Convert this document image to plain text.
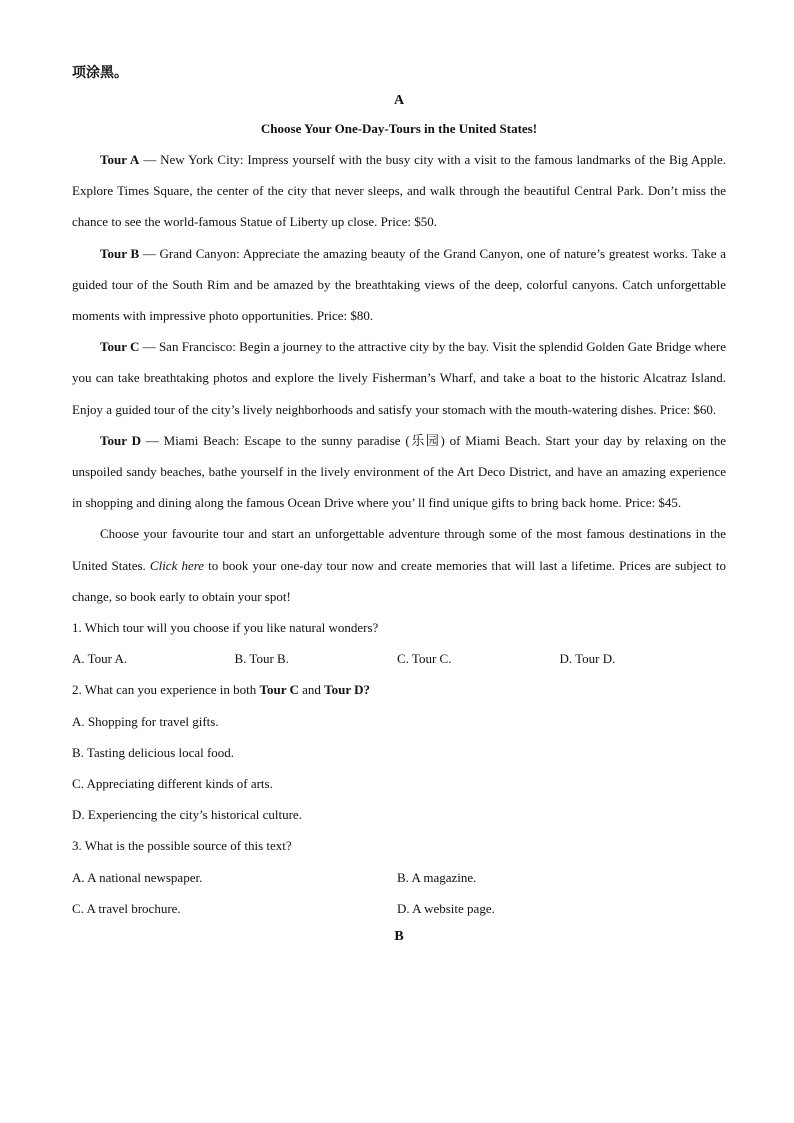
项涂黑。
A
Choose Your One-Day-Tours in the United States!

Tour A — New York City: Impress yourself with the busy city with a visit to the famous landmarks of the Big Apple. Explore Times Square, the center of the city that never sleeps, and walk through the beautiful Central Park. Don’t miss the chance to see the world-famous Statue of Liberty up close. Price: $50.

Tour B — Grand Canyon: Appreciate the amazing beauty of the Grand Canyon, one of nature’s greatest works. Take a guided tour of the South Rim and be amazed by the breathtaking views of the deep, colorful canyons. Catch unforgettable moments with impressive photo opportunities. Price: $80.

Tour C — San Francisco: Begin a journey to the attractive city by the bay. Visit the splendid Golden Gate Bridge where you can take breathtaking photos and explore the lively Fisherman’s Wharf, and take a boat to the historic Alcatraz Island. Enjoy a guided tour of the city’s lively neighborhoods and satisfy your stomach with the mouth-watering dishes. Price: $60.

Tour D — Miami Beach: Escape to the sunny paradise (乐园) of Miami Beach. Start your day by relaxing on the unspoiled sandy beaches, bathe yourself in the lively environment of the Art Deco District, and have an amazing experience in shopping and dining along the famous Ocean Drive where you’ ll find unique gifts to bring back home. Price: $45.

Choose your favourite tour and start an unforgettable adventure through some of the most famous destinations in the United States. Click here to book your one-day tour now and create memories that will last a lifetime. Prices are subject to change, so book early to obtain your spot!

1. Which tour will you choose if you like natural wonders?

A. Tour A.	B. Tour B.	C. Tour C.	D. Tour D.

2. What can you experience in both Tour C and Tour D?

A. Shopping for travel gifts.
B. Tasting delicious local food.
C. Appreciating different kinds of arts.
D. Experiencing the city’s historical culture.

3. What is the possible source of this text?

A. A national newspaper.	B. A magazine.
C. A travel brochure.	D. A website page.
B
